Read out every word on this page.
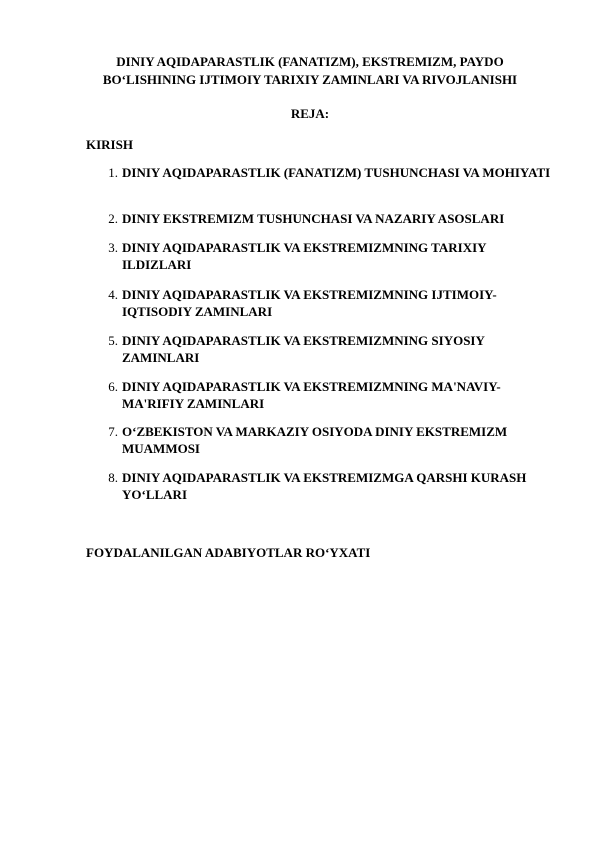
DINIY AQIDAPARASTLIK (FANATIZM), EKSTREMIZM, PAYDO
BO‘LISHINING IJTIMOIY TARIXIY ZAMINLARI VA RIVOJLANISHI
REJA:
KIRISH
1. DINIY AQIDAPARASTLIK (FANATIZM) TUSHUNCHASI VA MOHIYATI
2. DINIY EKSTREMIZM TUSHUNCHASI VA NAZARIY ASOSLARI
3. DINIY AQIDAPARASTLIK VA EKSTREMIZMNING TARIXIY ILDIZLARI
4. DINIY AQIDAPARASTLIK VA EKSTREMIZMNING IJTIMOIY-IQTISODIY ZAMINLARI
5. DINIY AQIDAPARASTLIK VA EKSTREMIZMNING SIYOSIY ZAMINLARI
6. DINIY AQIDAPARASTLIK VA EKSTREMIZMNING MA'NAVIY-MA'RIFIY ZAMINLARI
7. O‘ZBEKISTON VA MARKAZIY OSIYODA DINIY EKSTREMIZM MUAMMOSI
8. DINIY AQIDAPARASTLIK VA EKSTREMIZMGA QARSHI KURASH YO‘LLARI
FOYDALANILGAN ADABIYOTLAR RO‘YXATI
